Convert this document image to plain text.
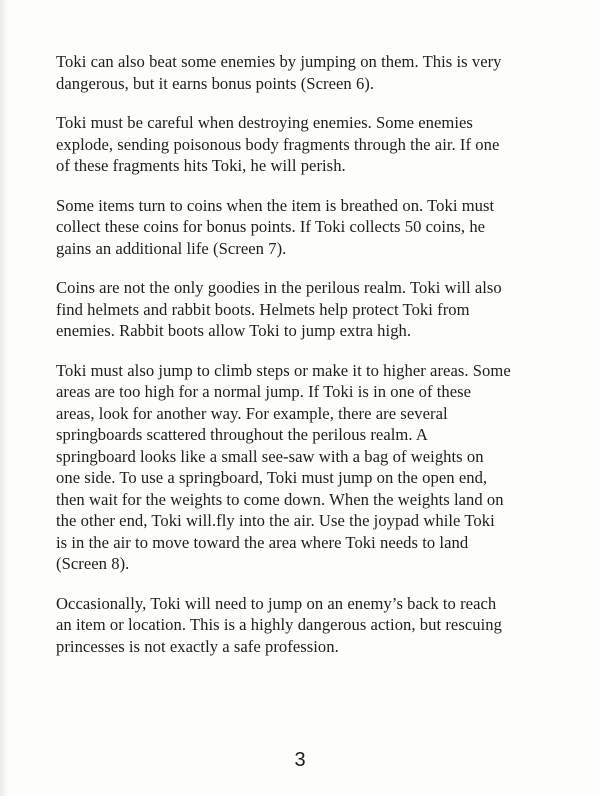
Toki can also beat some enemies by jumping on them. This is very
dangerous, but it earns bonus points (Screen 6).

Toki must be careful when destroying enemies. Some enemies
explode, sending poisonous body fragments through the air. If one
of these fragments hits Toki, he will perish.

Some items turn to coins when the item is breathed on. Toki must
collect these coins for bonus points. If Toki collects 50 coins, he
gains an additional life (Screen 7).

Coins are not the only goodies in the perilous realm. Toki will also
find helmets and rabbit boots. Helmets help protect Toki from
enemies. Rabbit boots allow Toki to jump extra high.

Toki must also jump to climb steps or make it to higher areas. Some
areas are too high for a normal jump. If Toki is in one of these
areas, look for another way. For example, there are several
springboards scattered throughout the perilous realm. A
springboard looks like a small see-saw with a bag of weights on
one side. To use a springboard, Toki must jump on the open end,
then wait for the weights to come down. When the weights land on
the other end, Toki will.fly into the air. Use the joypad while Toki
is in the air to move toward the area where Toki needs to land
(Screen 8).

Occasionally, Toki will need to jump on an enemy’s back to reach
an item or location. This is a highly dangerous action, but rescuing
princesses is not exactly a safe profession.

3
